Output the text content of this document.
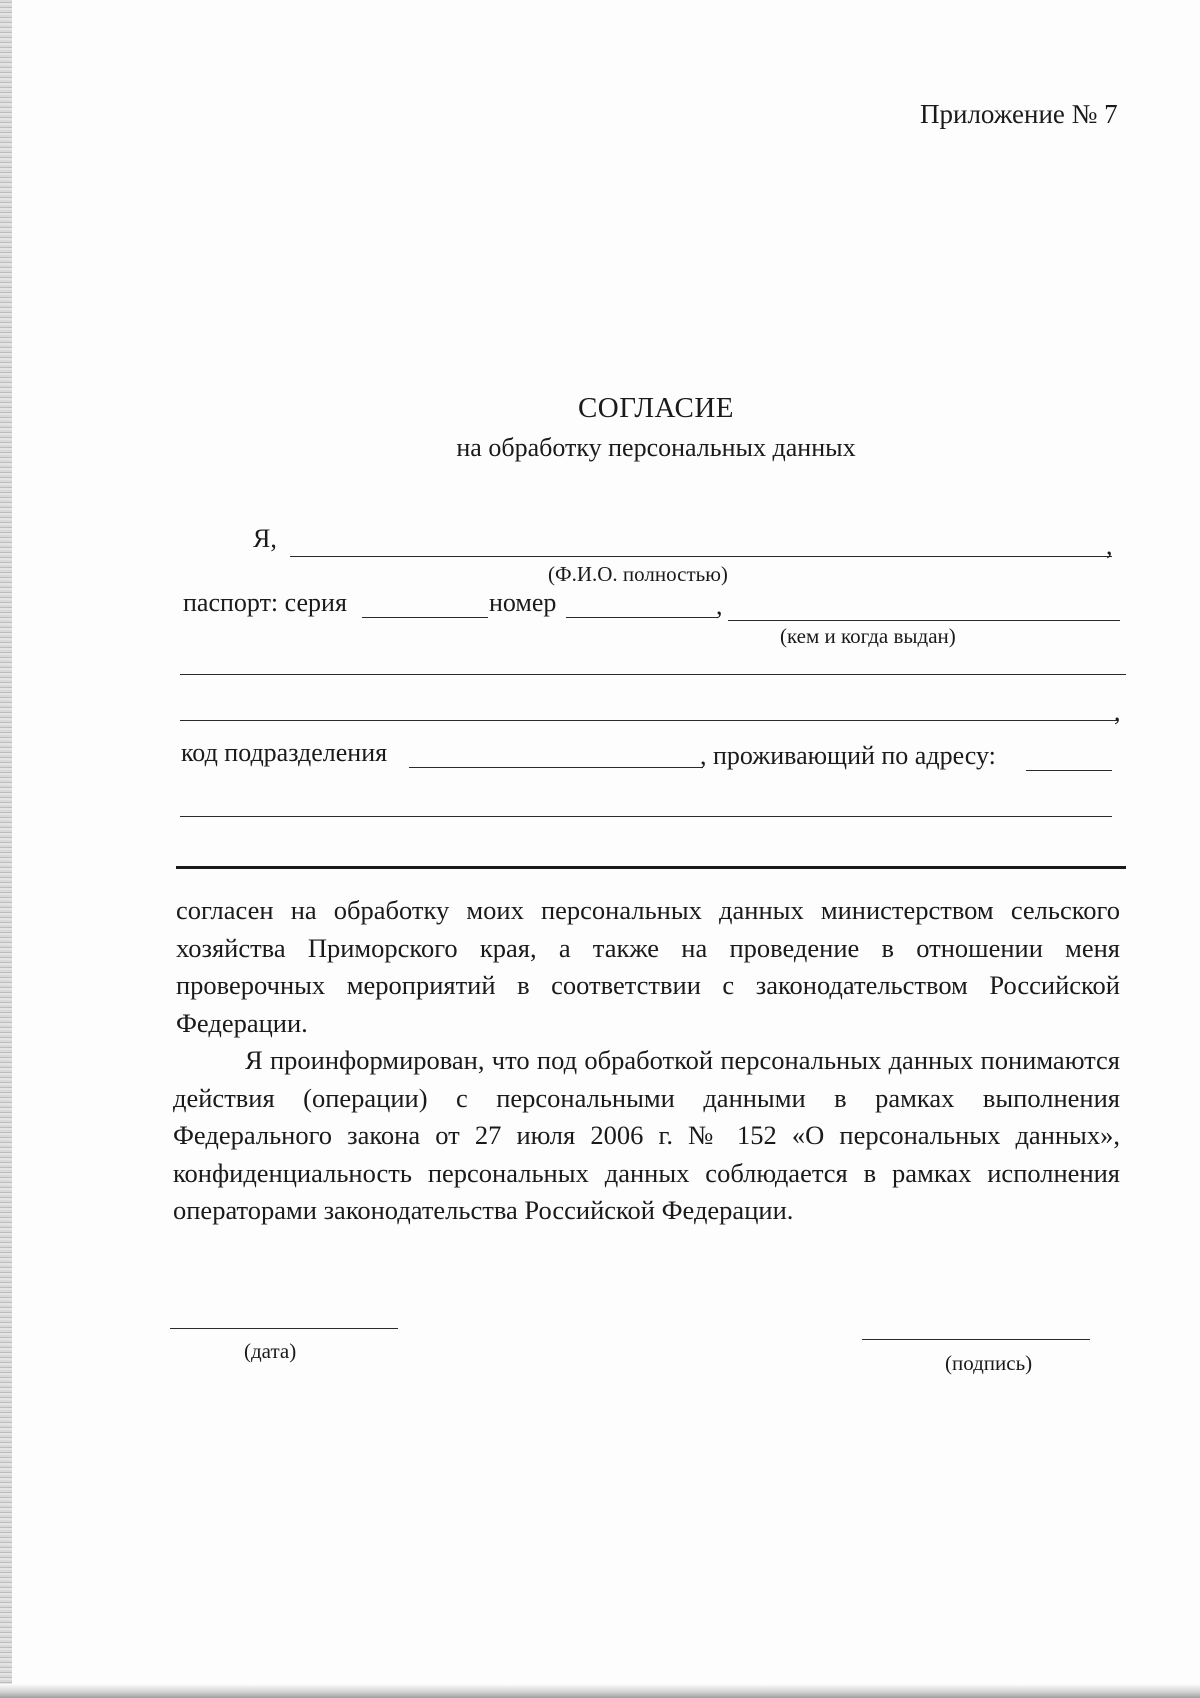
Приложение № 7
СОГЛАСИЕ
на обработку персональных данных
Я,	,
(Ф.И.О. полностью)
паспорт: серия	номер	,
(кем и когда выдан)
,
код подразделения	, проживающий по адресу:
согласен на обработку моих персональных данных министерством сельского хозяйства Приморского края, а также на проведение в отношении меня проверочных мероприятий в соответствии с законодательством Российской Федерации.
Я проинформирован, что под обработкой персональных данных понимаются действия (операции) с персональными данными в рамках выполнения Федерального закона от 27 июля 2006 г. № 152 «О персональных данных», конфиденциальность персональных данных соблюдается в рамках исполнения операторами законодательства Российской Федерации.
(дата)	(подпись)
